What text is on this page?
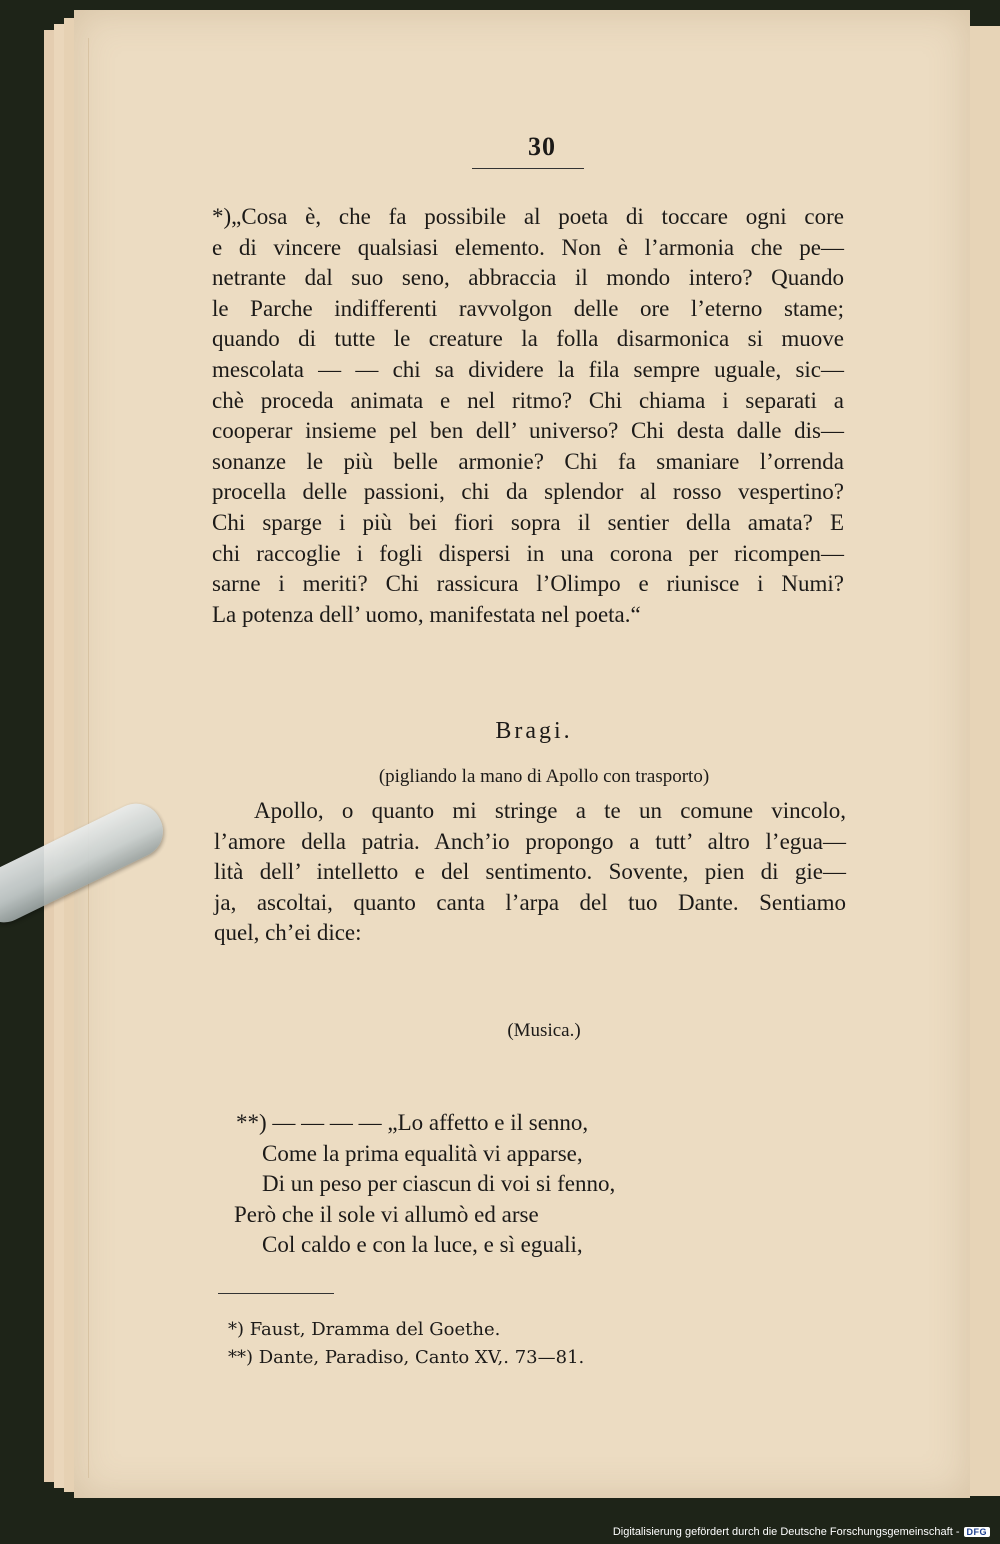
30
*)„Cosa è, che fa possibile al poeta di toccare ogni core
e di vincere qualsiasi elemento. Non è l’armonia che pe—
netrante dal suo seno, abbraccia il mondo intero? Quando
le Parche indifferenti ravvolgon delle ore l’eterno stame;
quando di tutte le creature la folla disarmonica si muove
mescolata — — chi sa dividere la fila sempre uguale, sic—
chè proceda animata e nel ritmo? Chi chiama i separati a
cooperar insieme pel ben dell’ universo? Chi desta dalle dis—
sonanze le più belle armonie? Chi fa smaniare l’orrenda
procella delle passioni, chi da splendor al rosso vespertino?
Chi sparge i più bei fiori sopra il sentier della amata? E
chi raccoglie i fogli dispersi in una corona per ricompen—
sarne i meriti? Chi rassicura l’Olimpo e riunisce i Numi?
La potenza dell’ uomo, manifestata nel poeta.“
Bragi.
(pigliando la mano di Apollo con trasporto)
Apollo, o quanto mi stringe a te un comune vincolo,
l’amore della patria. Anch’io propongo a tutt’ altro l’egua—
lità dell’ intelletto e del sentimento. Sovente, pien di gie—
ja, ascoltai, quanto canta l’arpa del tuo Dante. Sentiamo
quel, ch’ei dice:
(Musica.)
**) — — — — „Lo affetto e il senno,
Come la prima equalità vi apparse,
Di un peso per ciascun di voi si fenno,
Però che il sole vi allumò ed arse
Col caldo e con la luce, e sì eguali,
*) Faust, Dramma del Goethe.
**) Dante, Paradiso, Canto XV,. 73—81.
Digitalisierung gefördert durch die Deutsche Forschungsgemeinschaft - DFG
